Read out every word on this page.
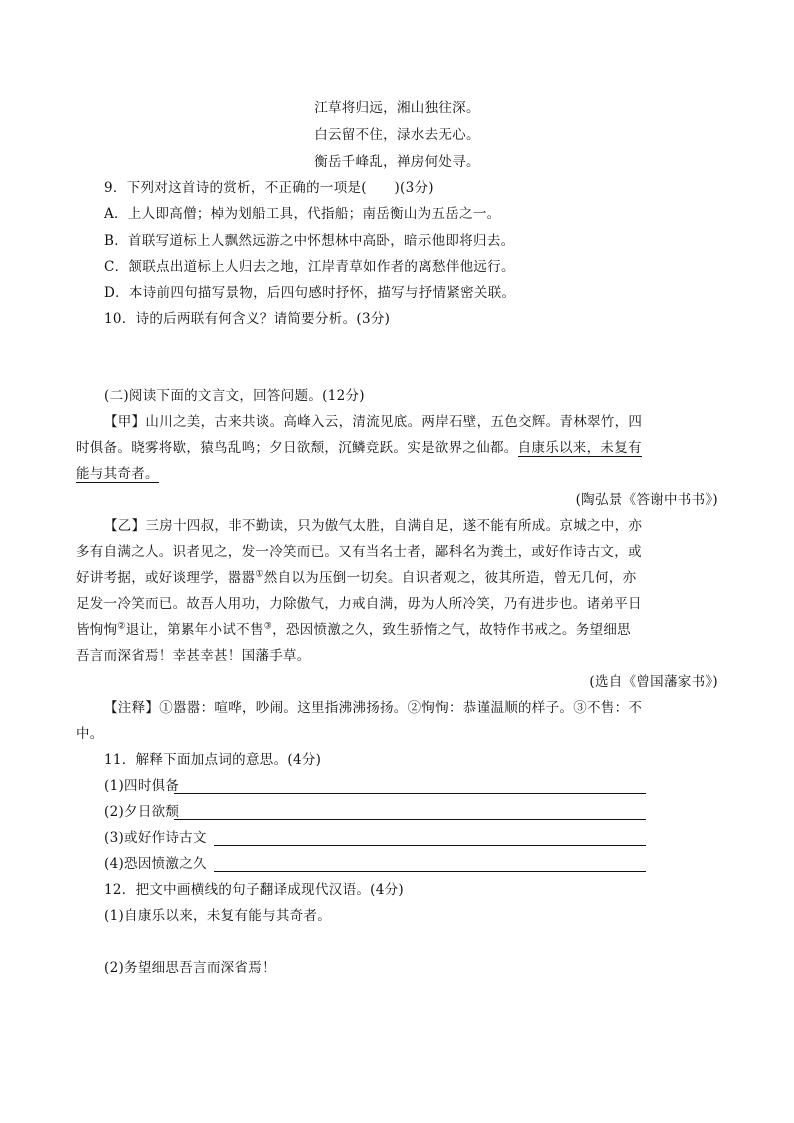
江草将归远，湘山独往深。
白云留不住，渌水去无心。
衡岳千峰乱，禅房何处寻。
9．下列对这首诗的赏析，不正确的一项是(　　)(3分)
A．上人即高僧；棹为划船工具，代指船；南岳衡山为五岳之一。
B．首联写道标上人飘然远游之中怀想林中高卧，暗示他即将归去。
C．颔联点出道标上人归去之地，江岸青草如作者的离愁伴他远行。
D．本诗前四句描写景物，后四句感时抒怀，描写与抒情紧密关联。
10．诗的后两联有何含义？请简要分析。(3分)
(二)阅读下面的文言文，回答问题。(12分)
【甲】山川之美，古来共谈。高峰入云，清流见底。两岸石壁，五色交辉。青林翠竹，四
时俱备。晓雾将歇，猿鸟乱鸣；夕日欲颓，沉鳞竞跃。实是欲界之仙都。自康乐以来，未复有
能与其奇者。
(陶弘景《答谢中书书》)
【乙】三房十四叔，非不勤读，只为傲气太胜，自满自足，遂不能有所成。京城之中，亦
多有自满之人。识者见之，发一冷笑而已。又有当名士者，鄙科名为粪土，或好作诗古文，或
好讲考据，或好谈理学，嚣嚣①然自以为压倒一切矣。自识者观之，彼其所造，曾无几何，亦
足发一冷笑而已。故吾人用功，力除傲气，力戒自满，毋为人所冷笑，乃有进步也。诸弟平日
皆恂恂②退让，第累年小试不售③，恐因愤激之久，致生骄惰之气，故特作书戒之。务望细思
吾言而深省焉！幸甚幸甚！国藩手草。
(选自《曾国藩家书》)
【注释】①嚣嚣：喧哗，吵闹。这里指沸沸扬扬。②恂恂：恭谨温顺的样子。③不售：不
中。
11．解释下面加点词的意思。(4分)
(1)四时俱备
(2)夕日欲颓
(3)或好作诗古文
(4)恐因愤激之久
12．把文中画横线的句子翻译成现代汉语。(4分)
(1)自康乐以来，未复有能与其奇者。
(2)务望细思吾言而深省焉！
